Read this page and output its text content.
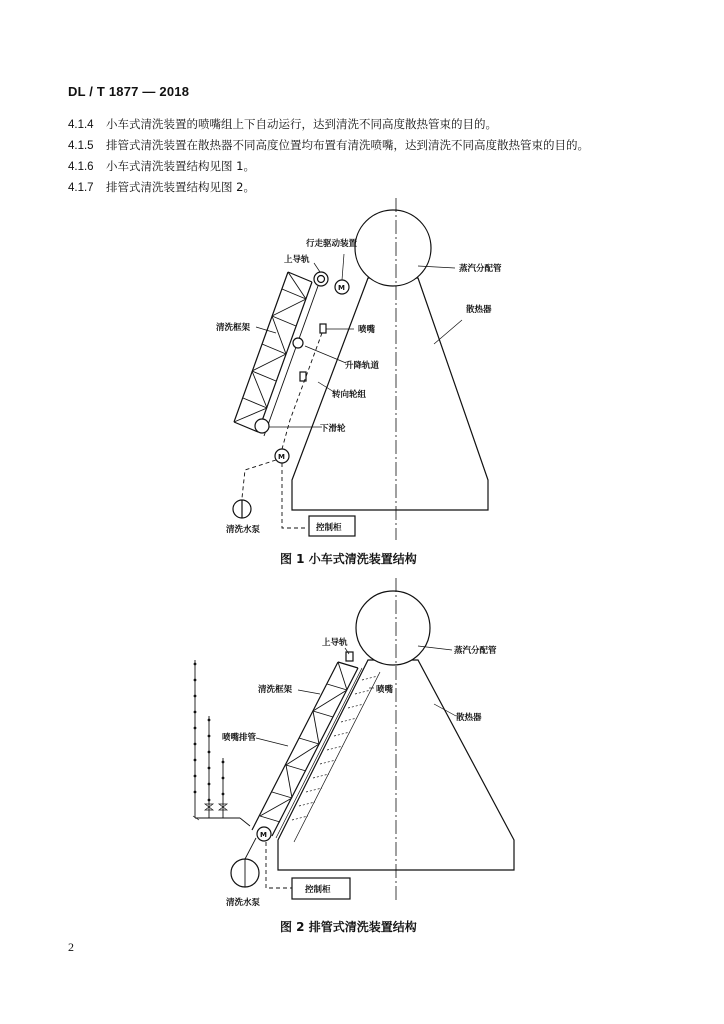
DL / T 1877 — 2018
4.1.4 小车式清洗装置的喷嘴组上下自动运行，达到清洗不同高度散热管束的目的。
4.1.5 排管式清洗装置在散热器不同高度位置均布置有清洗喷嘴，达到清洗不同高度散热管束的目的。
4.1.6 小车式清洗装置结构见图 1。
4.1.7 排管式清洗装置结构见图 2。
行走驱动装置
上导轨
蒸汽分配管
散热器
清洗框架	喷嘴
升降轨道
转向轮组
下滑轮
清洗水泵	控制柜
M
M
图 1 小车式清洗装置结构
上导轨
蒸汽分配管
清洗框架	喷嘴
散热器
喷嘴排管
清洗水泵
控制柜
M
图 2 排管式清洗装置结构
2
